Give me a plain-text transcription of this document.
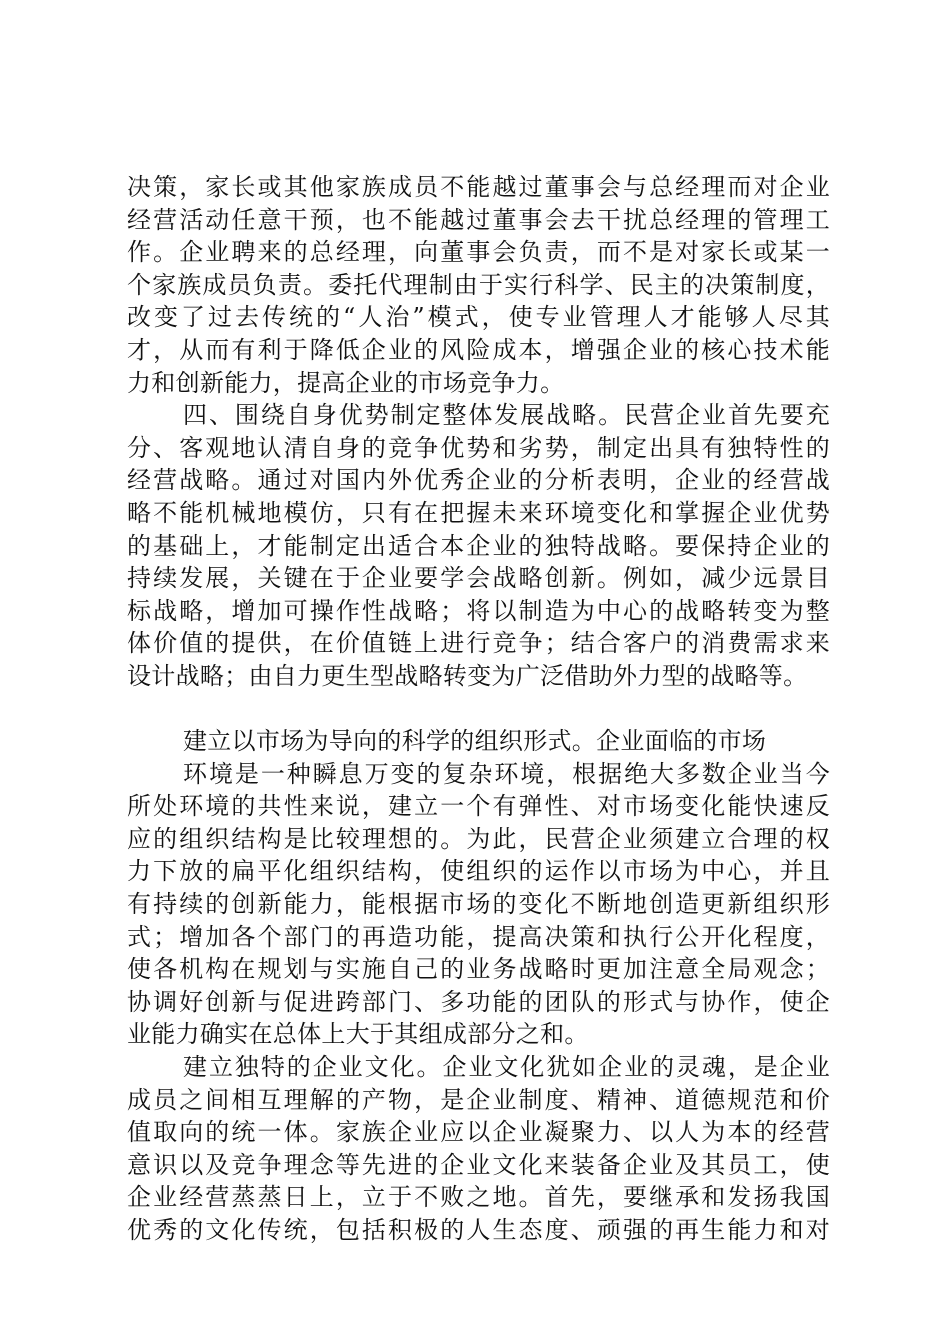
决策，家长或其他家族成员不能越过董事会与总经理而对企业
经营活动任意干预，也不能越过董事会去干扰总经理的管理工
作。企业聘来的总经理，向董事会负责，而不是对家长或某一
个家族成员负责。委托代理制由于实行科学、民主的决策制度，
改变了过去传统的“人治”模式，使专业管理人才能够人尽其
才，从而有利于降低企业的风险成本，增强企业的核心技术能
力和创新能力，提高企业的市场竞争力。
四、围绕自身优势制定整体发展战略。民营企业首先要充
分、客观地认清自身的竞争优势和劣势，制定出具有独特性的
经营战略。通过对国内外优秀企业的分析表明，企业的经营战
略不能机械地模仿，只有在把握未来环境变化和掌握企业优势
的基础上，才能制定出适合本企业的独特战略。要保持企业的
持续发展，关键在于企业要学会战略创新。例如，减少远景目
标战略，增加可操作性战略；将以制造为中心的战略转变为整
体价值的提供，在价值链上进行竞争；结合客户的消费需求来
设计战略；由自力更生型战略转变为广泛借助外力型的战略等。
建立以市场为导向的科学的组织形式。企业面临的市场
环境是一种瞬息万变的复杂环境，根据绝大多数企业当今
所处环境的共性来说，建立一个有弹性、对市场变化能快速反
应的组织结构是比较理想的。为此，民营企业须建立合理的权
力下放的扁平化组织结构，使组织的运作以市场为中心，并且
有持续的创新能力，能根据市场的变化不断地创造更新组织形
式；增加各个部门的再造功能，提高决策和执行公开化程度，
使各机构在规划与实施自己的业务战略时更加注意全局观念；
协调好创新与促进跨部门、多功能的团队的形式与协作，使企
业能力确实在总体上大于其组成部分之和。
建立独特的企业文化。企业文化犹如企业的灵魂，是企业
成员之间相互理解的产物，是企业制度、精神、道德规范和价
值取向的统一体。家族企业应以企业凝聚力、以人为本的经营
意识以及竞争理念等先进的企业文化来装备企业及其员工，使
企业经营蒸蒸日上，立于不败之地。首先，要继承和发扬我国
优秀的文化传统，包括积极的人生态度、顽强的再生能力和对
